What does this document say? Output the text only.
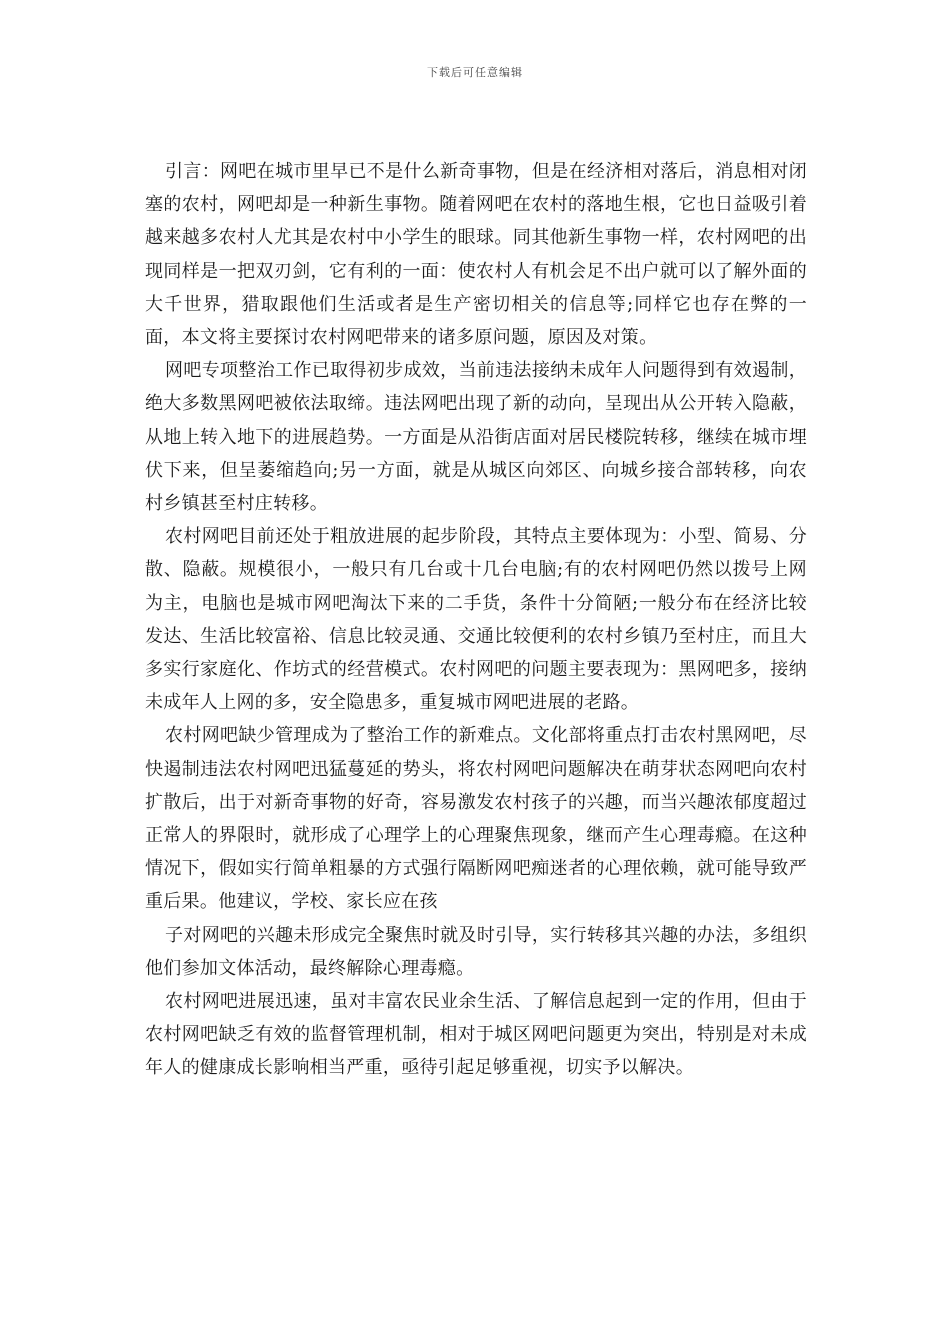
下载后可任意编辑

引言：网吧在城市里早已不是什么新奇事物，但是在经济相对落后，消息相对闭塞的农村，网吧却是一种新生事物。随着网吧在农村的落地生根，它也日益吸引着越来越多农村人尤其是农村中小学生的眼球。同其他新生事物一样，农村网吧的出现同样是一把双刃剑，它有利的一面：使农村人有机会足不出户就可以了解外面的大千世界，猎取跟他们生活或者是生产密切相关的信息等;同样它也存在弊的一面，本文将主要探讨农村网吧带来的诸多原问题，原因及对策。

网吧专项整治工作已取得初步成效，当前违法接纳未成年人问题得到有效遏制，绝大多数黑网吧被依法取缔。违法网吧出现了新的动向，呈现出从公开转入隐蔽，从地上转入地下的进展趋势。一方面是从沿街店面对居民楼院转移，继续在城市埋伏下来，但呈萎缩趋向;另一方面，就是从城区向郊区、向城乡接合部转移，向农村乡镇甚至村庄转移。

农村网吧目前还处于粗放进展的起步阶段，其特点主要体现为：小型、简易、分散、隐蔽。规模很小，一般只有几台或十几台电脑;有的农村网吧仍然以拨号上网为主，电脑也是城市网吧淘汰下来的二手货，条件十分简陋;一般分布在经济比较发达、生活比较富裕、信息比较灵通、交通比较便利的农村乡镇乃至村庄，而且大多实行家庭化、作坊式的经营模式。农村网吧的问题主要表现为：黑网吧多，接纳未成年人上网的多，安全隐患多，重复城市网吧进展的老路。

农村网吧缺少管理成为了整治工作的新难点。文化部将重点打击农村黑网吧，尽快遏制违法农村网吧迅猛蔓延的势头，将农村网吧问题解决在萌芽状态网吧向农村扩散后，出于对新奇事物的好奇，容易激发农村孩子的兴趣，而当兴趣浓郁度超过正常人的界限时，就形成了心理学上的心理聚焦现象，继而产生心理毒瘾。在这种情况下，假如实行简单粗暴的方式强行隔断网吧痴迷者的心理依赖，就可能导致严重后果。他建议，学校、家长应在孩

子对网吧的兴趣未形成完全聚焦时就及时引导，实行转移其兴趣的办法，多组织他们参加文体活动，最终解除心理毒瘾。

农村网吧进展迅速，虽对丰富农民业余生活、了解信息起到一定的作用，但由于农村网吧缺乏有效的监督管理机制，相对于城区网吧问题更为突出，特别是对未成年人的健康成长影响相当严重，亟待引起足够重视，切实予以解决。
